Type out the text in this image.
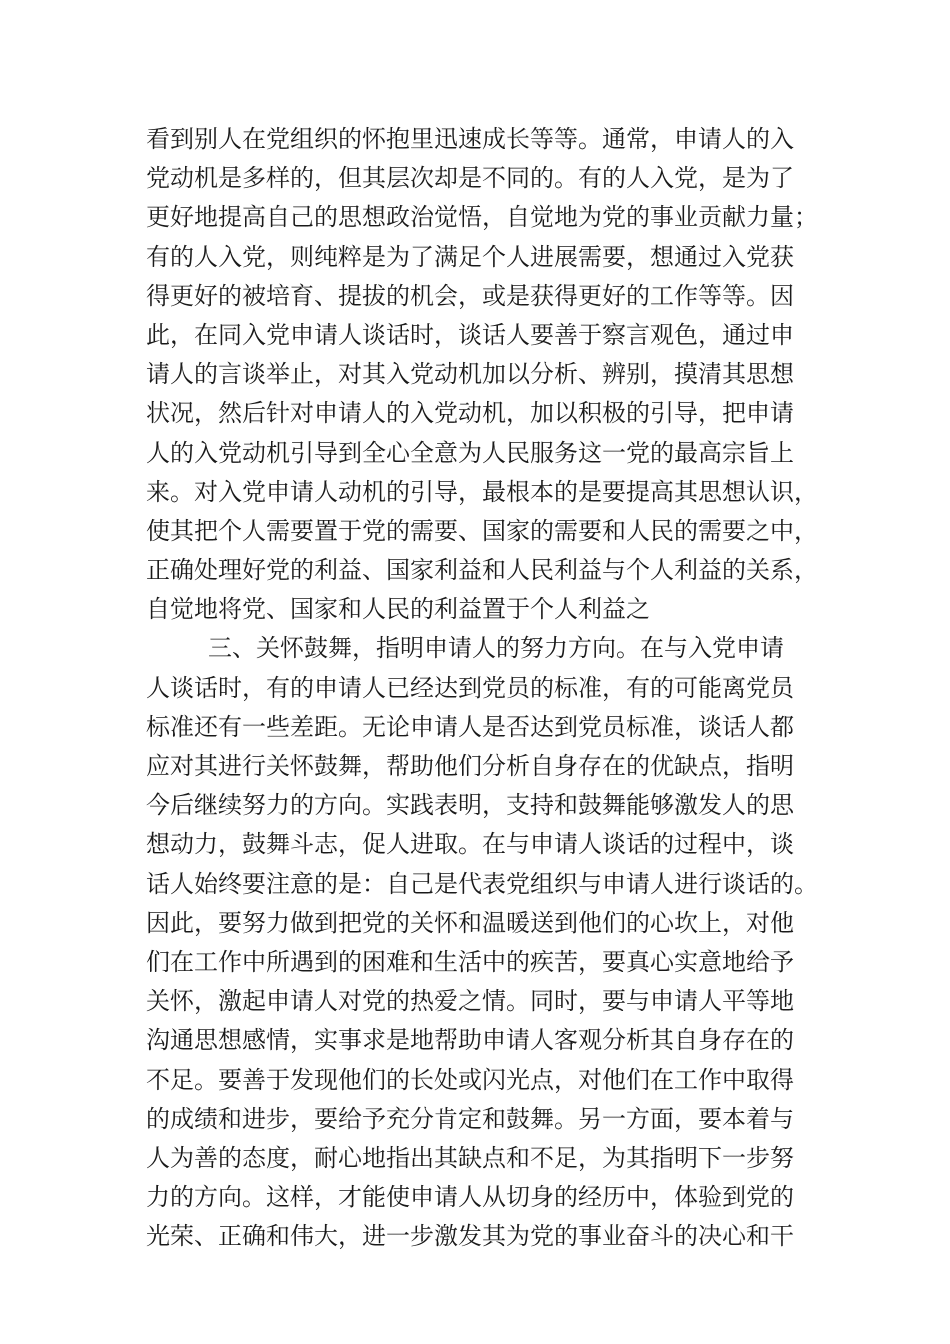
看到别人在党组织的怀抱里迅速成长等等。通常，申请人的入

党动机是多样的，但其层次却是不同的。有的人入党，是为了

更好地提高自己的思想政治觉悟，自觉地为党的事业贡献力量；

有的人入党，则纯粹是为了满足个人进展需要，想通过入党获

得更好的被培育、提拔的机会，或是获得更好的工作等等。因

此，在同入党申请人谈话时，谈话人要善于察言观色，通过申

请人的言谈举止，对其入党动机加以分析、辨别，摸清其思想

状况，然后针对申请人的入党动机，加以积极的引导，把申请

人的入党动机引导到全心全意为人民服务这一党的最高宗旨上

来。对入党申请人动机的引导，最根本的是要提高其思想认识，

使其把个人需要置于党的需要、国家的需要和人民的需要之中，

正确处理好党的利益、国家利益和人民利益与个人利益的关系，

自觉地将党、国家和人民的利益置于个人利益之

三、关怀鼓舞，指明申请人的努力方向。在与入党申请

人谈话时，有的申请人已经达到党员的标准，有的可能离党员

标准还有一些差距。无论申请人是否达到党员标准，谈话人都

应对其进行关怀鼓舞，帮助他们分析自身存在的优缺点，指明

今后继续努力的方向。实践表明，支持和鼓舞能够激发人的思

想动力，鼓舞斗志，促人进取。在与申请人谈话的过程中，谈

话人始终要注意的是：自己是代表党组织与申请人进行谈话的。

因此，要努力做到把党的关怀和温暖送到他们的心坎上，对他

们在工作中所遇到的困难和生活中的疾苦，要真心实意地给予

关怀，激起申请人对党的热爱之情。同时，要与申请人平等地

沟通思想感情，实事求是地帮助申请人客观分析其自身存在的

不足。要善于发现他们的长处或闪光点，对他们在工作中取得

的成绩和进步，要给予充分肯定和鼓舞。另一方面，要本着与

人为善的态度，耐心地指出其缺点和不足，为其指明下一步努

力的方向。这样，才能使申请人从切身的经历中，体验到党的

光荣、正确和伟大，进一步激发其为党的事业奋斗的决心和干
